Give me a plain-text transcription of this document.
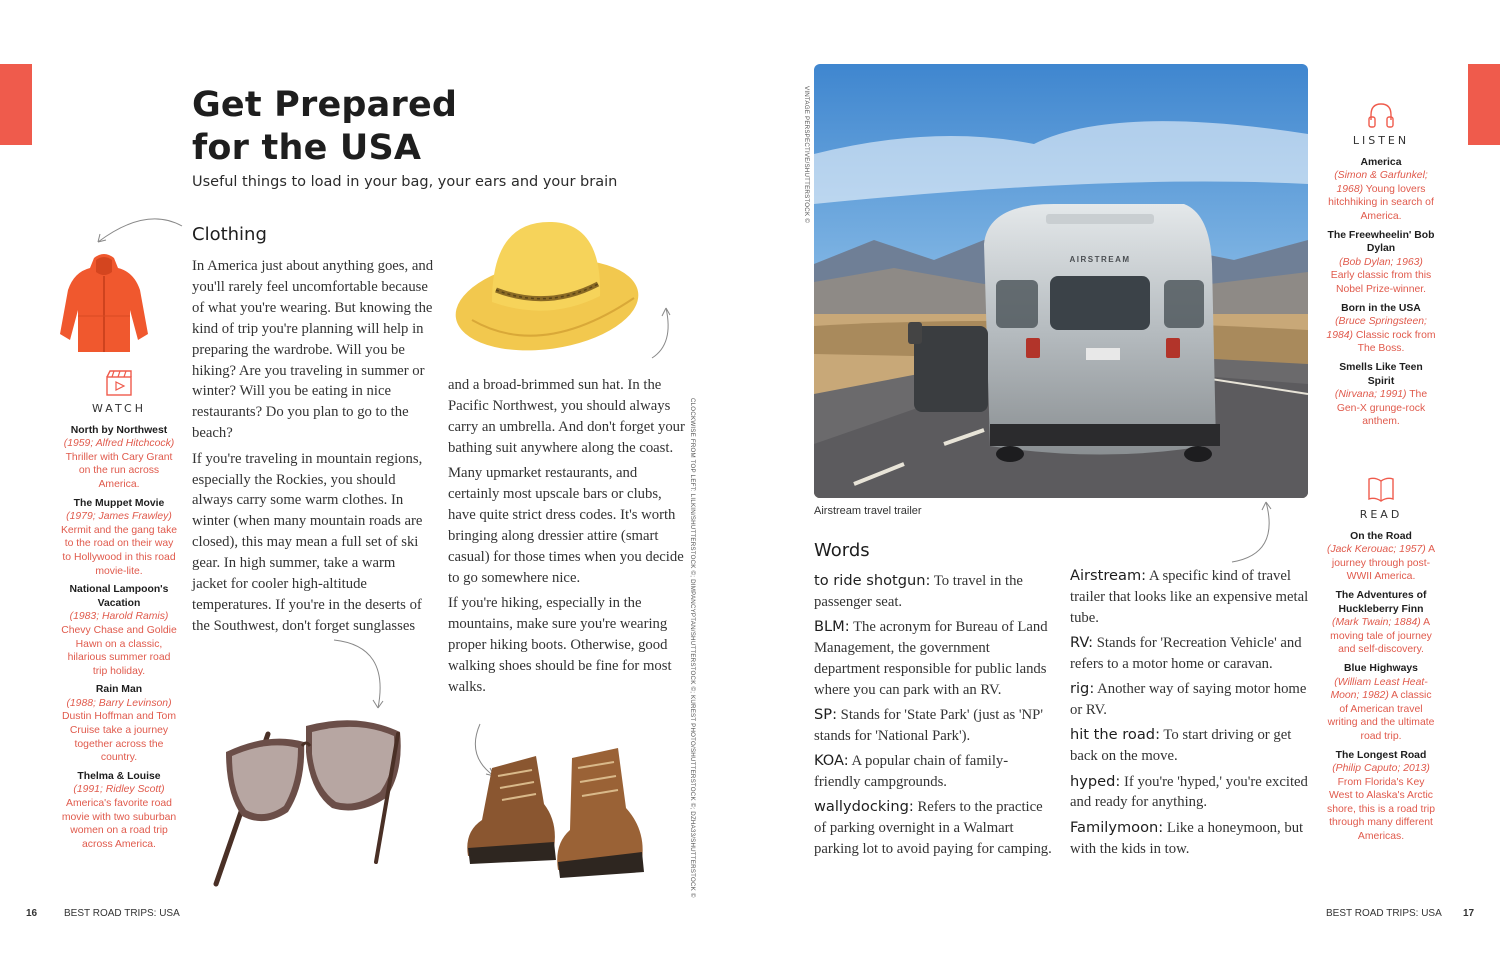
Get Prepared
for the USA
Useful things to load in your bag, your ears and your brain
WATCH
North by Northwest
(1959; Alfred Hitchcock) Thriller with Cary Grant on the run across America.
The Muppet Movie
(1979; James Frawley) Kermit and the gang take to the road on their way to Hollywood in this road movie-lite.
National Lampoon's Vacation
(1983; Harold Ramis) Chevy Chase and Goldie Hawn on a classic, hilarious summer road trip holiday.
Rain Man
(1988; Barry Levinson) Dustin Hoffman and Tom Cruise take a journey together across the country.
Thelma & Louise
(1991; Ridley Scott) America's favorite road movie with two suburban women on a road trip across America.
Clothing

In America just about anything goes, and you'll rarely feel uncomfortable because of what you're wearing. But knowing the kind of trip you're planning will help in preparing the wardrobe. Will you be hiking? Are you traveling in summer or winter? Will you be eating in nice restaurants? Do you plan to go to the beach?

If you're traveling in mountain regions, especially the Rockies, you should always carry some warm clothes. In winter (when many mountain roads are closed), this may mean a full set of ski gear. In high summer, take a warm jacket for cooler high-altitude temperatures. If you're in the deserts of the Southwest, don't forget sunglasses

and a broad-brimmed sun hat. In the Pacific Northwest, you should always carry an umbrella. And don't forget your bathing suit anywhere along the coast.

Many upmarket restaurants, and certainly most upscale bars or clubs, have quite strict dress codes. It's worth bringing along dressier attire (smart casual) for those times when you decide to go somewhere nice.

If you're hiking, especially in the mountains, make sure you're wearing proper hiking boots. Otherwise, good walking shoes should be fine for most walks.	CLOCKWISE FROM TOP LEFT: LILKIN/SHUTTERSTOCK ©; DIMPANCYPTAN/SHUTTERSTOCK ©; KUREST PHOTO/SHUTTERSTOCK ©; DZHA33/SHUTTERSTOCK ©
AIRSTREAM
VINTAGE PERSPECTIVE/SHUTTERSTOCK ©
Airstream travel trailer
Words
to ride shotgun: To travel in the passenger seat.
BLM: The acronym for Bureau of Land Management, the government department responsible for public lands where you can park with an RV.
SP: Stands for 'State Park' (just as 'NP' stands for 'National Park').
KOA: A popular chain of family-friendly campgrounds.
wallydocking: Refers to the practice of parking overnight in a Walmart parking lot to avoid paying for camping.
Airstream: A specific kind of travel trailer that looks like an expensive metal tube.
RV: Stands for 'Recreation Vehicle' and refers to a motor home or caravan.
rig: Another way of saying motor home or RV.
hit the road: To start driving or get back on the move.
hyped: If you're 'hyped,' you're excited and ready for anything.
Familymoon: Like a honeymoon, but with the kids in tow.
LISTEN
America
(Simon & Garfunkel; 1968) Young lovers hitchhiking in search of America.
The Freewheelin' Bob Dylan
(Bob Dylan; 1963) Early classic from this Nobel Prize-winner.
Born in the USA
(Bruce Springsteen; 1984) Classic rock from The Boss.
Smells Like Teen Spirit
(Nirvana; 1991) The Gen-X grunge-rock anthem.
READ
On the Road
(Jack Kerouac; 1957) A journey through post-WWII America.
The Adventures of Huckleberry Finn
(Mark Twain; 1884) A moving tale of journey and self-discovery.
Blue Highways
(William Least Heat-Moon; 1982) A classic of American travel writing and the ultimate road trip.
The Longest Road
(Philip Caputo; 2013) From Florida's Key West to Alaska's Arctic shore, this is a road trip through many different Americas.
16	BEST ROAD TRIPS: USA	BEST ROAD TRIPS: USA 17
